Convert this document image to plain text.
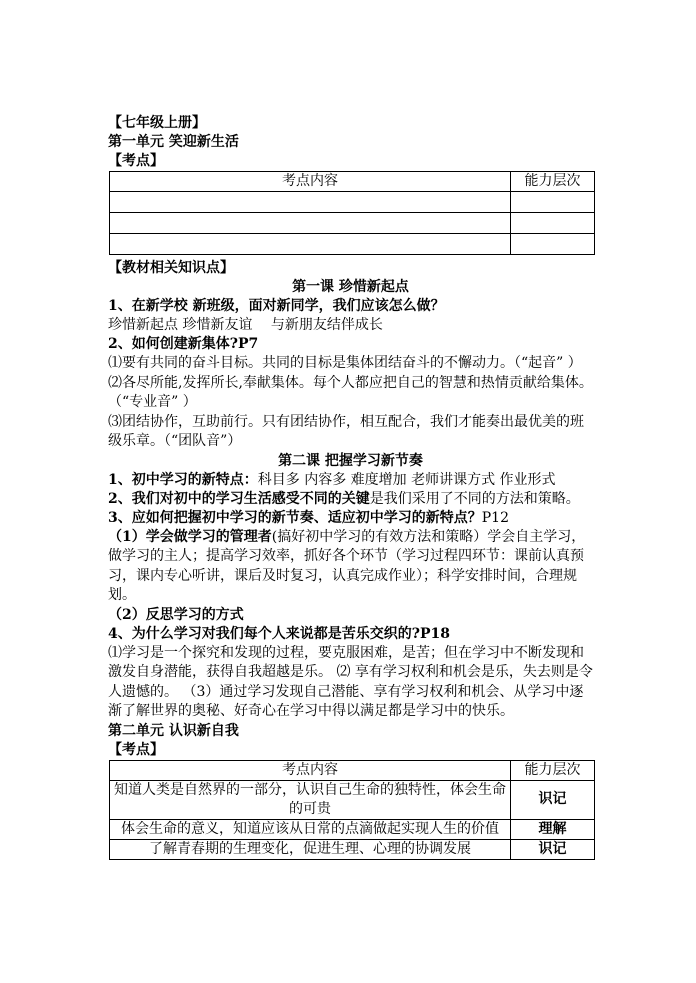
【七年级上册】
第一单元 笑迎新生活
【考点】
考点内容	能力层次

【教材相关知识点】
第一课 珍惜新起点
1、在新学校 新班级，面对新同学，我们应该怎么做？
珍惜新起点 珍惜新友谊　 与新朋友结伴成长
2、如何创建新集体?P7
⑴要有共同的奋斗目标。共同的目标是集体团结奋斗的不懈动力。（“起音” ）
⑵各尽所能,发挥所长,奉献集体。每个人都应把自己的智慧和热情贡献给集体。（“专业音” ）
⑶团结协作，互助前行。只有团结协作，相互配合，我们才能奏出最优美的班级乐章。（“团队音”）
第二课 把握学习新节奏
1、初中学习的新特点：科目多 内容多 难度增加 老师讲课方式 作业形式
2、我们对初中的学习生活感受不同的关键是我们采用了不同的方法和策略。
3、应如何把握初中学习的新节奏、适应初中学习的新特点？P12
（1）学会做学习的管理者(搞好初中学习的有效方法和策略）学会自主学习，做学习的主人；提高学习效率，抓好各个环节（学习过程四环节：课前认真预习，课内专心听讲，课后及时复习，认真完成作业）；科学安排时间，合理规划。
（2）反思学习的方式
4、为什么学习对我们每个人来说都是苦乐交织的?P18
⑴学习是一个探究和发现的过程，要克服困难，是苦；但在学习中不断发现和激发自身潜能，获得自我超越是乐。 ⑵ 享有学习权利和机会是乐，失去则是令人遗憾的。 （3）通过学习发现自己潜能、享有学习权利和机会、从学习中逐渐了解世界的奥秘、好奇心在学习中得以满足都是学习中的快乐。
第二单元 认识新自我
【考点】
考点内容	能力层次
知道人类是自然界的一部分，认识自己生命的独特性，体会生命的可贵	识记
体会生命的意义，知道应该从日常的点滴做起实现人生的价值	理解
了解青春期的生理变化，促进生理、心理的协调发展	识记
